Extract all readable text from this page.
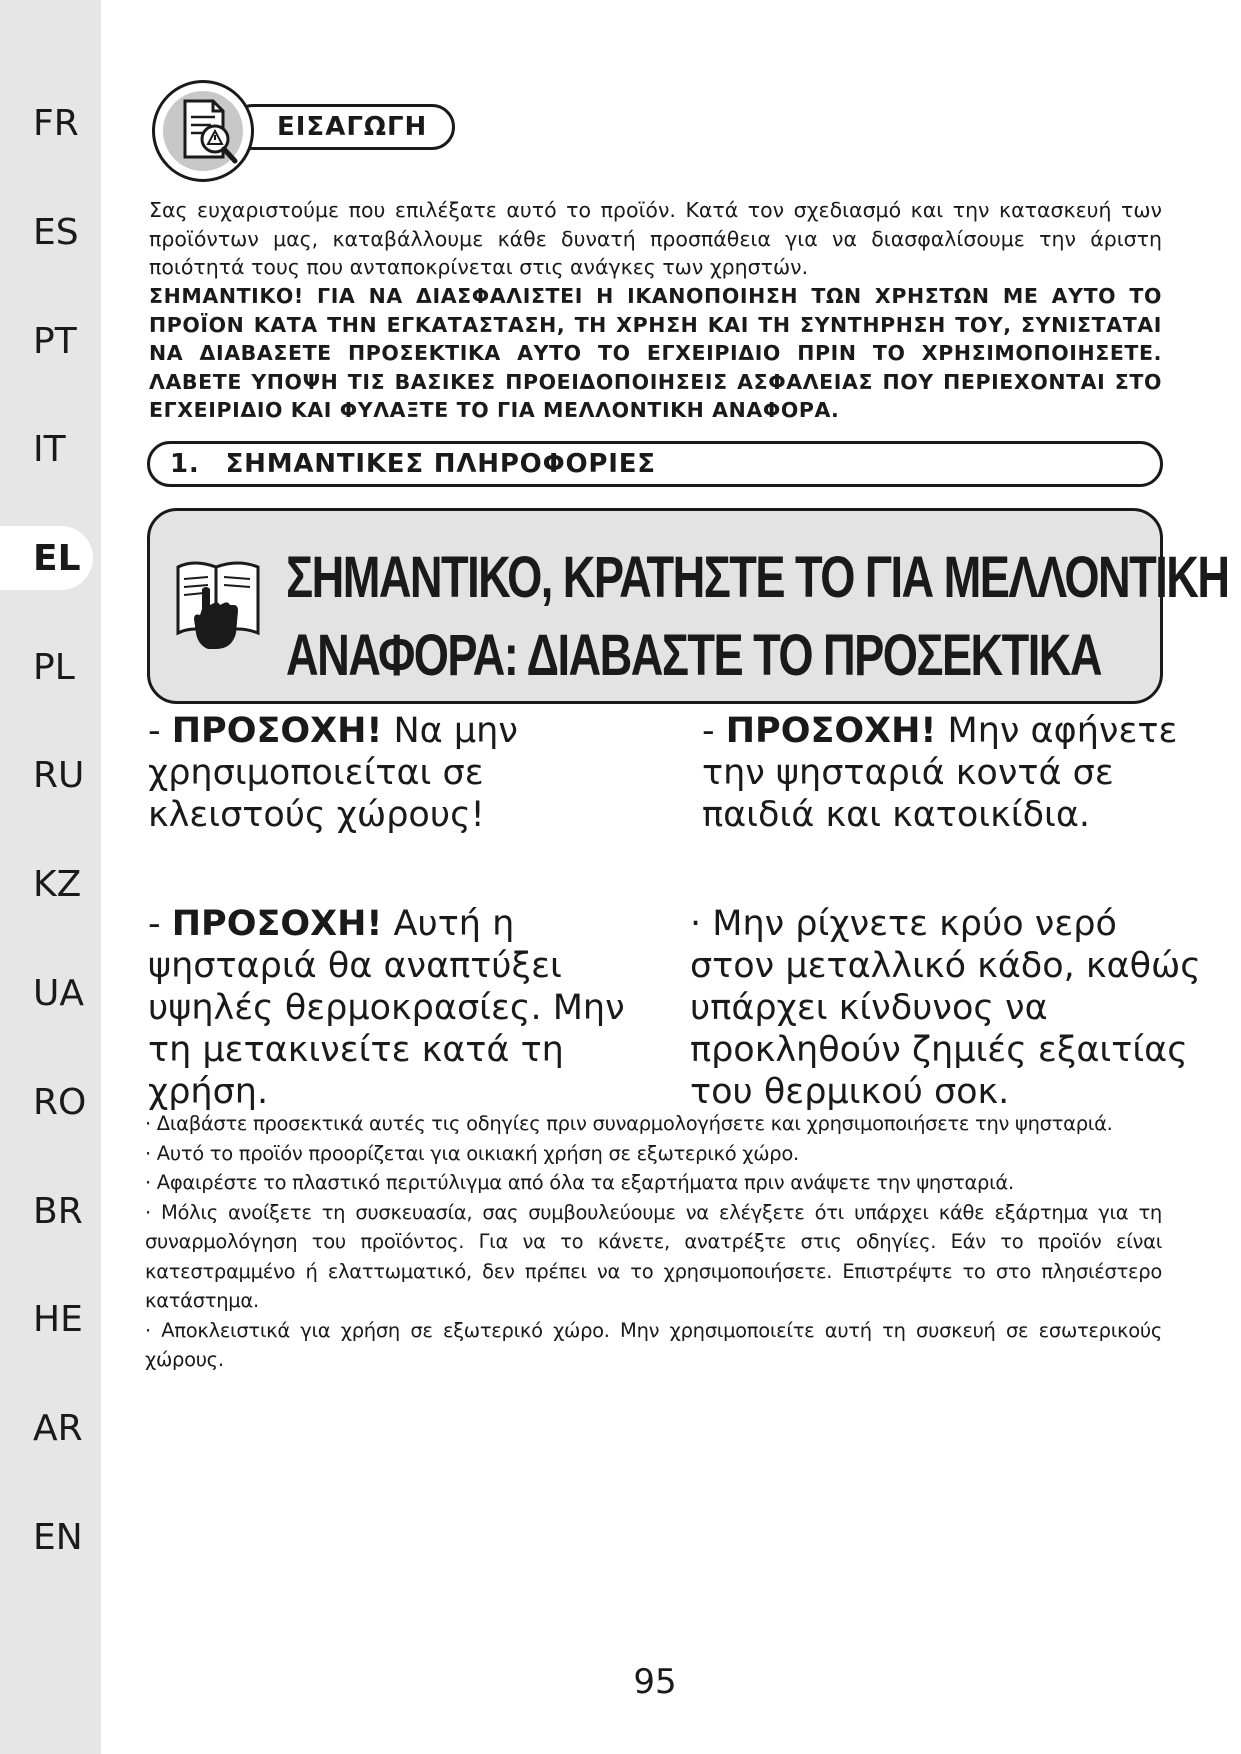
FR
ES
PT
IT
EL
PL
RU
KZ
UA
RO
BR
HE
AR
EN
ΕΙΣΑΓΩΓΗ
Σας ευχαριστούμε που επιλέξατε αυτό το προϊόν. Κατά τον σχεδιασμό και την κατασκευή των προϊόντων μας, καταβάλλουμε κάθε δυνατή προσπάθεια για να διασφαλίσουμε την άριστη ποιότητά τους που ανταποκρίνεται στις ανάγκες των χρηστών.
ΣΗΜΑΝΤΙΚΟ! ΓΙΑ ΝΑ ΔΙΑΣΦΑΛΙΣΤΕΙ Η ΙΚΑΝΟΠΟΙΗΣΗ ΤΩΝ ΧΡΗΣΤΩΝ ΜΕ ΑΥΤΟ ΤΟ ΠΡΟΪΟΝ ΚΑΤΑ ΤΗΝ ΕΓΚΑΤΑΣΤΑΣΗ, ΤΗ ΧΡΗΣΗ ΚΑΙ ΤΗ ΣΥΝΤΗΡΗΣΗ ΤΟΥ, ΣΥΝΙΣΤΑΤΑΙ ΝΑ ΔΙΑΒΑΣΕΤΕ ΠΡΟΣΕΚΤΙΚΑ ΑΥΤΟ ΤΟ ΕΓΧΕΙΡΙΔΙΟ ΠΡΙΝ ΤΟ ΧΡΗΣΙΜΟΠΟΙΗΣΕΤΕ. ΛΑΒΕΤΕ ΥΠΟΨΗ ΤΙΣ ΒΑΣΙΚΕΣ ΠΡΟΕΙΔΟΠΟΙΗΣΕΙΣ ΑΣΦΑΛΕΙΑΣ ΠΟΥ ΠΕΡΙΕΧΟΝΤΑΙ ΣΤΟ ΕΓΧΕΙΡΙΔΙΟ ΚΑΙ ΦΥΛΑΞΤΕ ΤΟ ΓΙΑ ΜΕΛΛΟΝΤΙΚΗ ΑΝΑΦΟΡΑ.
1. ΣΗΜΑΝΤΙΚΕΣ ΠΛΗΡΟΦΟΡΙΕΣ
ΣΗΜΑΝΤΙΚΟ, ΚΡΑΤΗΣΤΕ ΤΟ ΓΙΑ ΜΕΛΛΟΝΤΙΚΗ
ΑΝΑΦΟΡΑ: ΔΙΑΒΑΣΤΕ ΤΟ ΠΡΟΣΕΚΤΙΚΑ
- ΠΡΟΣΟΧΗ! Να μην χρησιμοποιείται σε κλειστούς χώρους!
- ΠΡΟΣΟΧΗ! Μην αφήνετε την ψησταριά κοντά σε παιδιά και κατοικίδια.
- ΠΡΟΣΟΧΗ! Αυτή η ψησταριά θα αναπτύξει υψηλές θερμοκρασίες. Μην τη μετακινείτε κατά τη χρήση.
· Μην ρίχνετε κρύο νερό στον μεταλλικό κάδο, καθώς υπάρχει κίνδυνος να προκληθούν ζημιές εξαιτίας του θερμικού σοκ.
· Διαβάστε προσεκτικά αυτές τις οδηγίες πριν συναρμολογήσετε και χρησιμοποιήσετε την ψησταριά.
· Αυτό το προϊόν προορίζεται για οικιακή χρήση σε εξωτερικό χώρο.
· Αφαιρέστε το πλαστικό περιτύλιγμα από όλα τα εξαρτήματα πριν ανάψετε την ψησταριά.
· Μόλις ανοίξετε τη συσκευασία, σας συμβουλεύουμε να ελέγξετε ότι υπάρχει κάθε εξάρτημα για τη συναρμολόγηση του προϊόντος. Για να το κάνετε, ανατρέξτε στις οδηγίες. Εάν το προϊόν είναι κατεστραμμένο ή ελαττωματικό, δεν πρέπει να το χρησιμοποιήσετε. Επιστρέψτε το στο πλησιέστερο κατάστημα.
· Αποκλειστικά για χρήση σε εξωτερικό χώρο. Μην χρησιμοποιείτε αυτή τη συσκευή σε εσωτερικούς χώρους.
95
